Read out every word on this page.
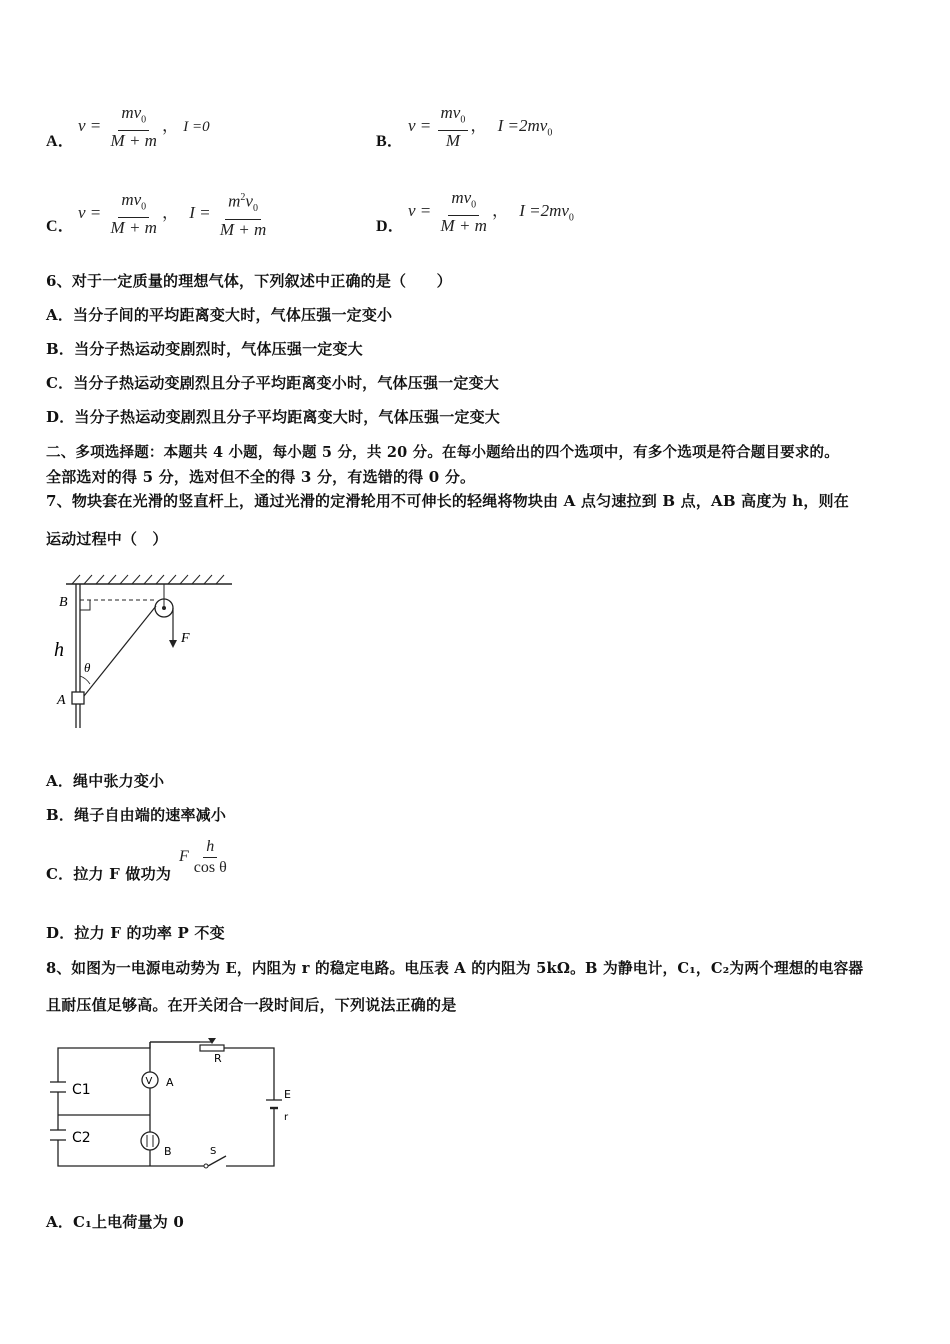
A．
$v = \frac{mv_0}{M + m}$ ， I =0
B．
$v = \frac{mv_0}{M}$ ， $I =2mv_0$
C．
$v = \frac{mv_0}{M + m}$ ， $I = \frac{m^2v_0}{M + m}$	D．
$v = \frac{mv_0}{M + m}$ ， $I =2mv_0$
6、对于一定质量的理想气体，下列叙述中正确的是（　　）
A．当分子间的平均距离变大时，气体压强一定变小
B．当分子热运动变剧烈时，气体压强一定变大
C．当分子热运动变剧烈且分子平均距离变小时，气体压强一定变大
D．当分子热运动变剧烈且分子平均距离变大时，气体压强一定变大
二、多项选择题：本题共 4 小题，每小题 5 分，共 20 分。在每小题给出的四个选项中，有多个选项是符合题目要求的。
全部选对的得 5 分，选对但不全的得 3 分，有选错的得 0 分。
7、物块套在光滑的竖直杆上，通过光滑的定滑轮用不可伸长的轻绳将物块由 A 点匀速拉到 B 点，AB 高度为 h，则在
运动过程中（　）
B
h
θ
A
F
A．绳中张力变小
B．绳子自由端的速率减小
C．拉力 F 做功为
F $\frac{h}{\text{cos θ}}$
D．拉力 F 的功率 P 不变
8、如图为一电源电动势为 E，内阻为 r 的稳定电路。电压表 A 的内阻为 5kΩ。B 为静电计，C₁，C₂为两个理想的电容器
且耐压值足够高。在开关闭合一段时间后，下列说法正确的是
V
C1
C2
A
B
R
E
r
S
A．C₁上电荷量为 0
